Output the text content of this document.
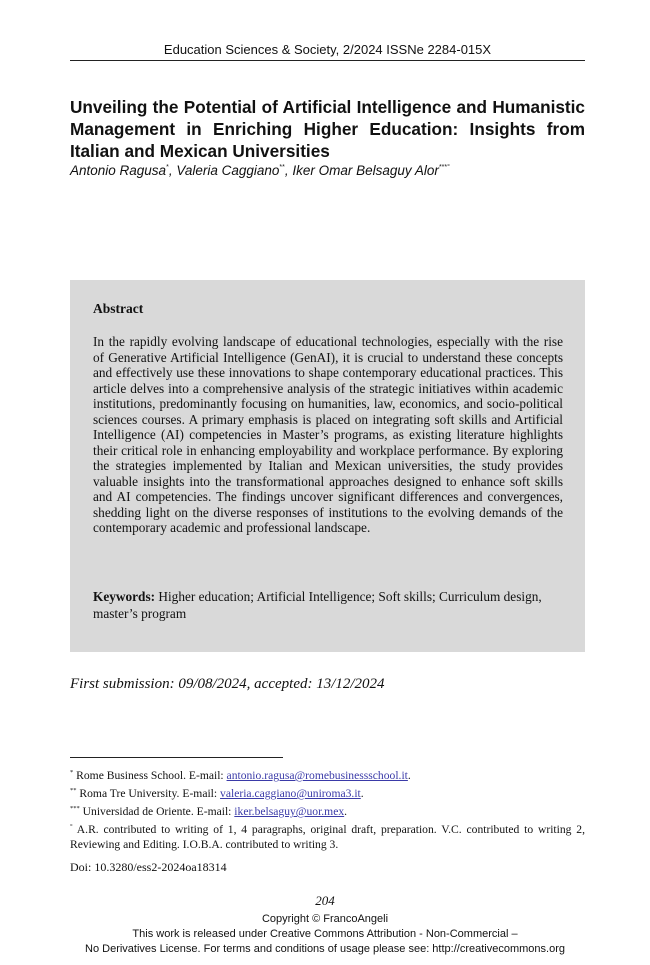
Education Sciences & Society, 2/2024 ISSNe 2284-015X
Unveiling the Potential of Artificial Intelligence and Humanistic Management in Enriching Higher Education: Insights from Italian and Mexican Universities
Antonio Ragusa*, Valeria Caggiano**, Iker Omar Belsaguy Alor***°
Abstract

In the rapidly evolving landscape of educational technologies, especially with the rise of Generative Artificial Intelligence (GenAI), it is crucial to understand these concepts and effectively use these innovations to shape contemporary educational practices. This article delves into a comprehensive analysis of the strategic initiatives within academic institutions, predominantly focusing on humanities, law, economics, and socio-political sciences courses. A primary emphasis is placed on integrating soft skills and Artificial Intelligence (AI) competencies in Master’s programs, as existing literature highlights their critical role in enhancing employability and workplace performance. By exploring the strategies implemented by Italian and Mexican universities, the study provides valuable insights into the transformational approaches designed to enhance soft skills and AI competencies. The findings uncover significant differences and convergences, shedding light on the diverse responses of institutions to the evolving demands of the contemporary academic and professional landscape.

Keywords: Higher education; Artificial Intelligence; Soft skills; Curriculum design, master’s program

First submission: 09/08/2024, accepted: 13/12/2024

* Rome Business School. E-mail: antonio.ragusa@romebusinessschool.it.

** Roma Tre University. E-mail: valeria.caggiano@uniroma3.it.

*** Universidad de Oriente. E-mail: iker.belsaguy@uor.mex.

° A.R. contributed to writing of 1, 4 paragraphs, original draft, preparation. V.C. contributed to writing 2, Reviewing and Editing. I.O.B.A. contributed to writing 3.

Doi: 10.3280/ess2-2024oa18314
204
Copyright © FrancoAngeli
This work is released under Creative Commons Attribution - Non-Commercial –
No Derivatives License. For terms and conditions of usage please see: http://creativecommons.org
